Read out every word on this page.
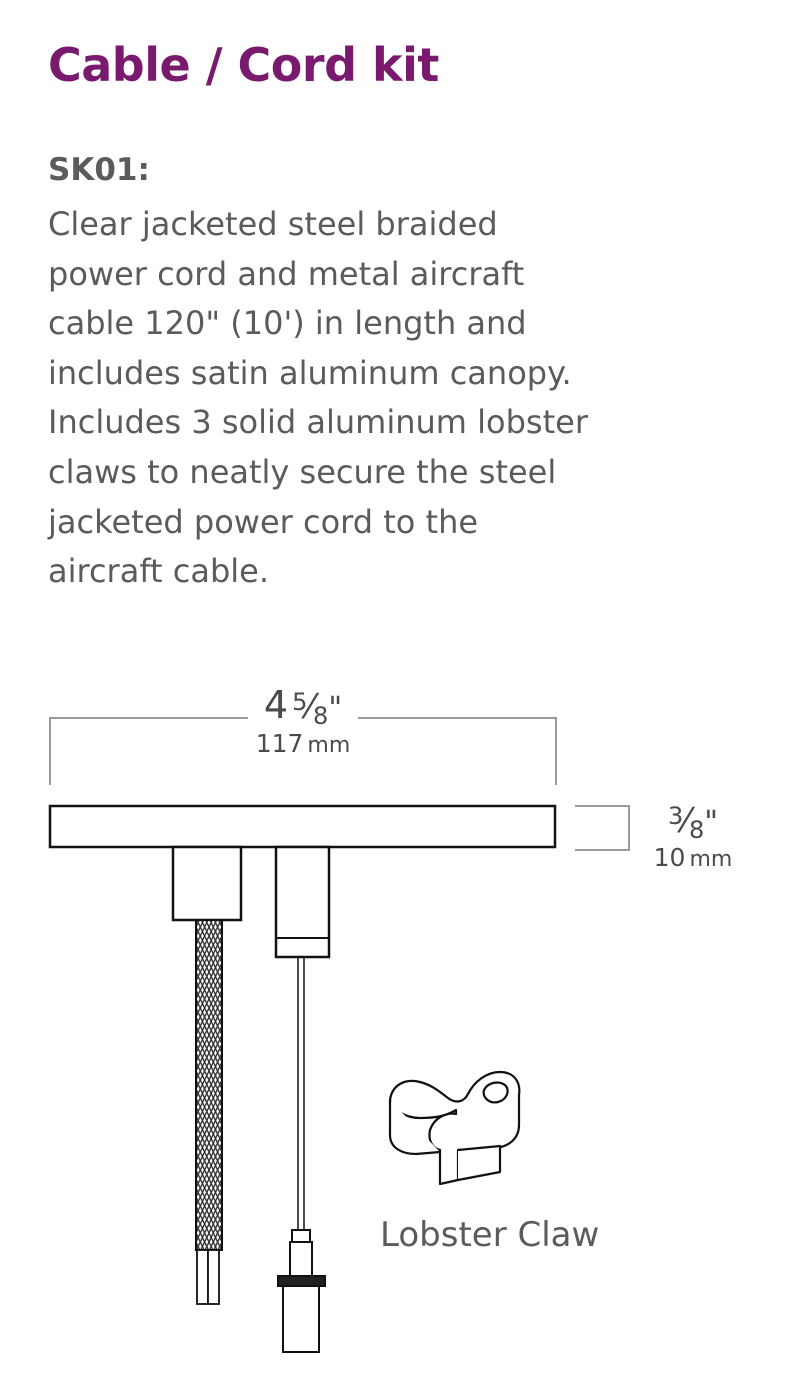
Cable / Cord kit
SK01:
Clear jacketed steel braided
power cord and metal aircraft
cable 120" (10') in length and
includes satin aluminum canopy.
Includes 3 solid aluminum lobster
claws to neatly secure the steel
jacketed power cord to the
aircraft cable.
4 5⁄8"
117 mm
3⁄8"
10 mm
Lobster Claw
